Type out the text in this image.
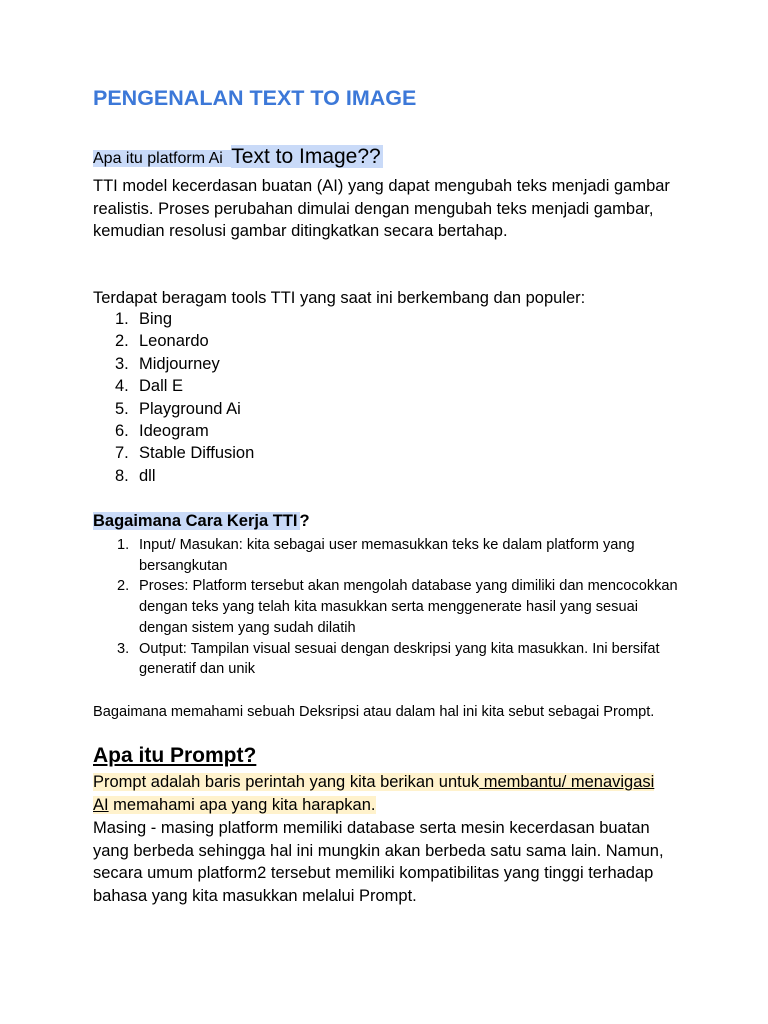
PENGENALAN TEXT TO IMAGE
Apa itu platform Ai Text to Image??

TTI model kecerdasan buatan (AI) yang dapat mengubah teks menjadi gambar realistis. Proses perubahan dimulai dengan mengubah teks menjadi gambar, kemudian resolusi gambar ditingkatkan secara bertahap.

Terdapat beragam tools TTI yang saat ini berkembang dan populer:

1. Bing
2. Leonardo
3. Midjourney
4. Dall E
5. Playground Ai
6. Ideogram
7. Stable Diffusion
8. dll
Bagaimana Cara Kerja TTI ?
1. Input/ Masukan: kita sebagai user memasukkan teks ke dalam platform yang bersangkutan
2. Proses: Platform tersebut akan mengolah database yang dimiliki dan mencocokkan dengan teks yang telah kita masukkan serta menggenerate hasil yang sesuai dengan sistem yang sudah dilatih
3. Output: Tampilan visual sesuai dengan deskripsi yang kita masukkan. Ini bersifat generatif dan unik

Bagaimana memahami sebuah Deksripsi atau dalam hal ini kita sebut sebagai Prompt.

Apa itu Prompt?

Prompt adalah baris perintah yang kita berikan untuk membantu/ menavigasi AI memahami apa yang kita harapkan.

Masing - masing platform memiliki database serta mesin kecerdasan buatan yang berbeda sehingga hal ini mungkin akan berbeda satu sama lain. Namun, secara umum platform2 tersebut memiliki kompatibilitas yang tinggi terhadap bahasa yang kita masukkan melalui Prompt.
